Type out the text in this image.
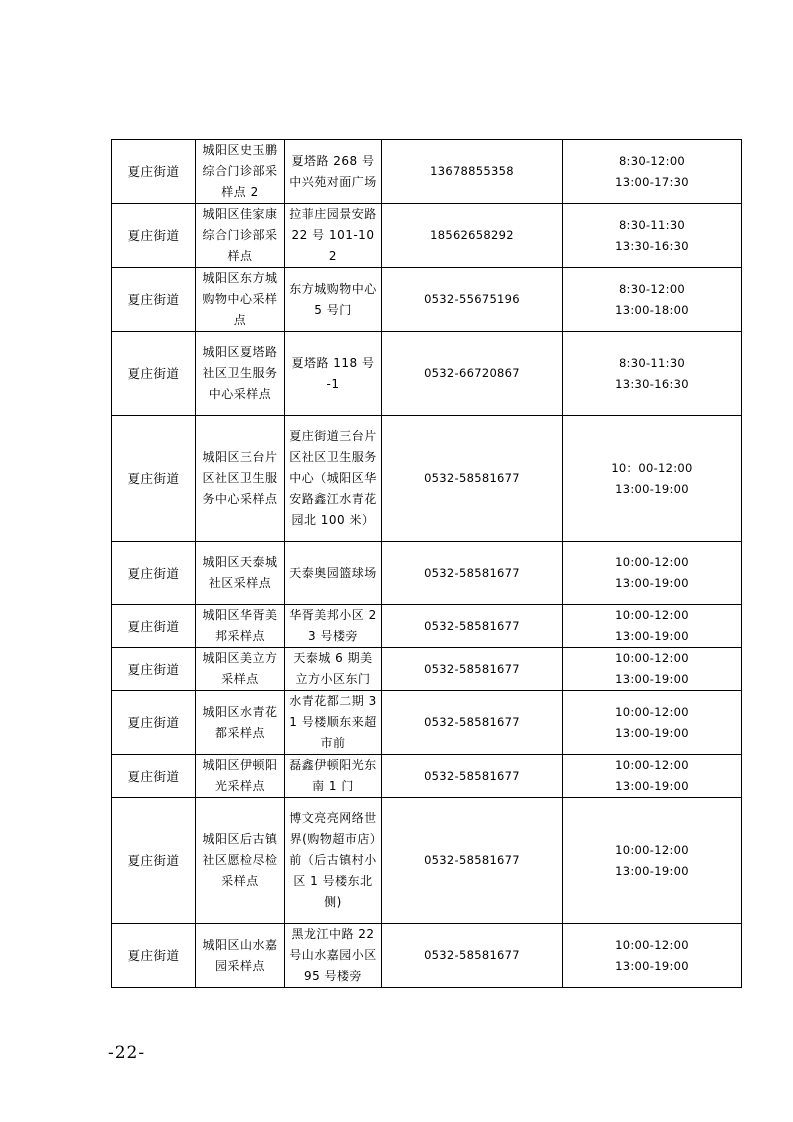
夏庄街道	城阳区史玉鹏综合门诊部采样点 2	夏塔路 268 号中兴苑对面广场	13678855358	8:30-12:00
13:00-17:30

夏庄街道	城阳区佳家康综合门诊部采样点	拉菲庄园景安路 22 号 101-102	18562658292	8:30-11:30
13:30-16:30

夏庄街道	城阳区东方城购物中心采样点	东方城购物中心 5 号门	0532-55675196	8:30-12:00
13:00-18:00

夏庄街道	城阳区夏塔路社区卫生服务中心采样点	夏塔路 118 号 -1	0532-66720867	8:30-11:30
13:30-16:30

夏庄街道	城阳区三台片区社区卫生服务中心采样点	夏庄街道三台片区社区卫生服务中心（城阳区华安路鑫江水青花园北 100 米）	0532-58581677	10：00-12:00
13:00-19:00

夏庄街道	城阳区天泰城社区采样点	天泰奥园篮球场	0532-58581677	10:00-12:00
13:00-19:00

夏庄街道	城阳区华胥美邦采样点	华胥美邦小区 23 号楼旁	0532-58581677	10:00-12:00
13:00-19:00

夏庄街道	城阳区美立方采样点	天泰城 6 期美立方小区东门	0532-58581677	10:00-12:00
13:00-19:00

夏庄街道	城阳区水青花都采样点	水青花都二期 31 号楼顺东来超市前	0532-58581677	10:00-12:00
13:00-19:00

夏庄街道	城阳区伊顿阳光采样点	磊鑫伊顿阳光东南 1 门	0532-58581677	10:00-12:00
13:00-19:00

夏庄街道	城阳区后古镇社区愿检尽检采样点	博文亮亮网络世界(购物超市店）前（后古镇村小区 1 号楼东北侧)	0532-58581677	10:00-12:00
13:00-19:00

夏庄街道	城阳区山水嘉园采样点	黑龙江中路 22 号山水嘉园小区 95 号楼旁	0532-58581677	10:00-12:00
13:00-19:00
-22-
